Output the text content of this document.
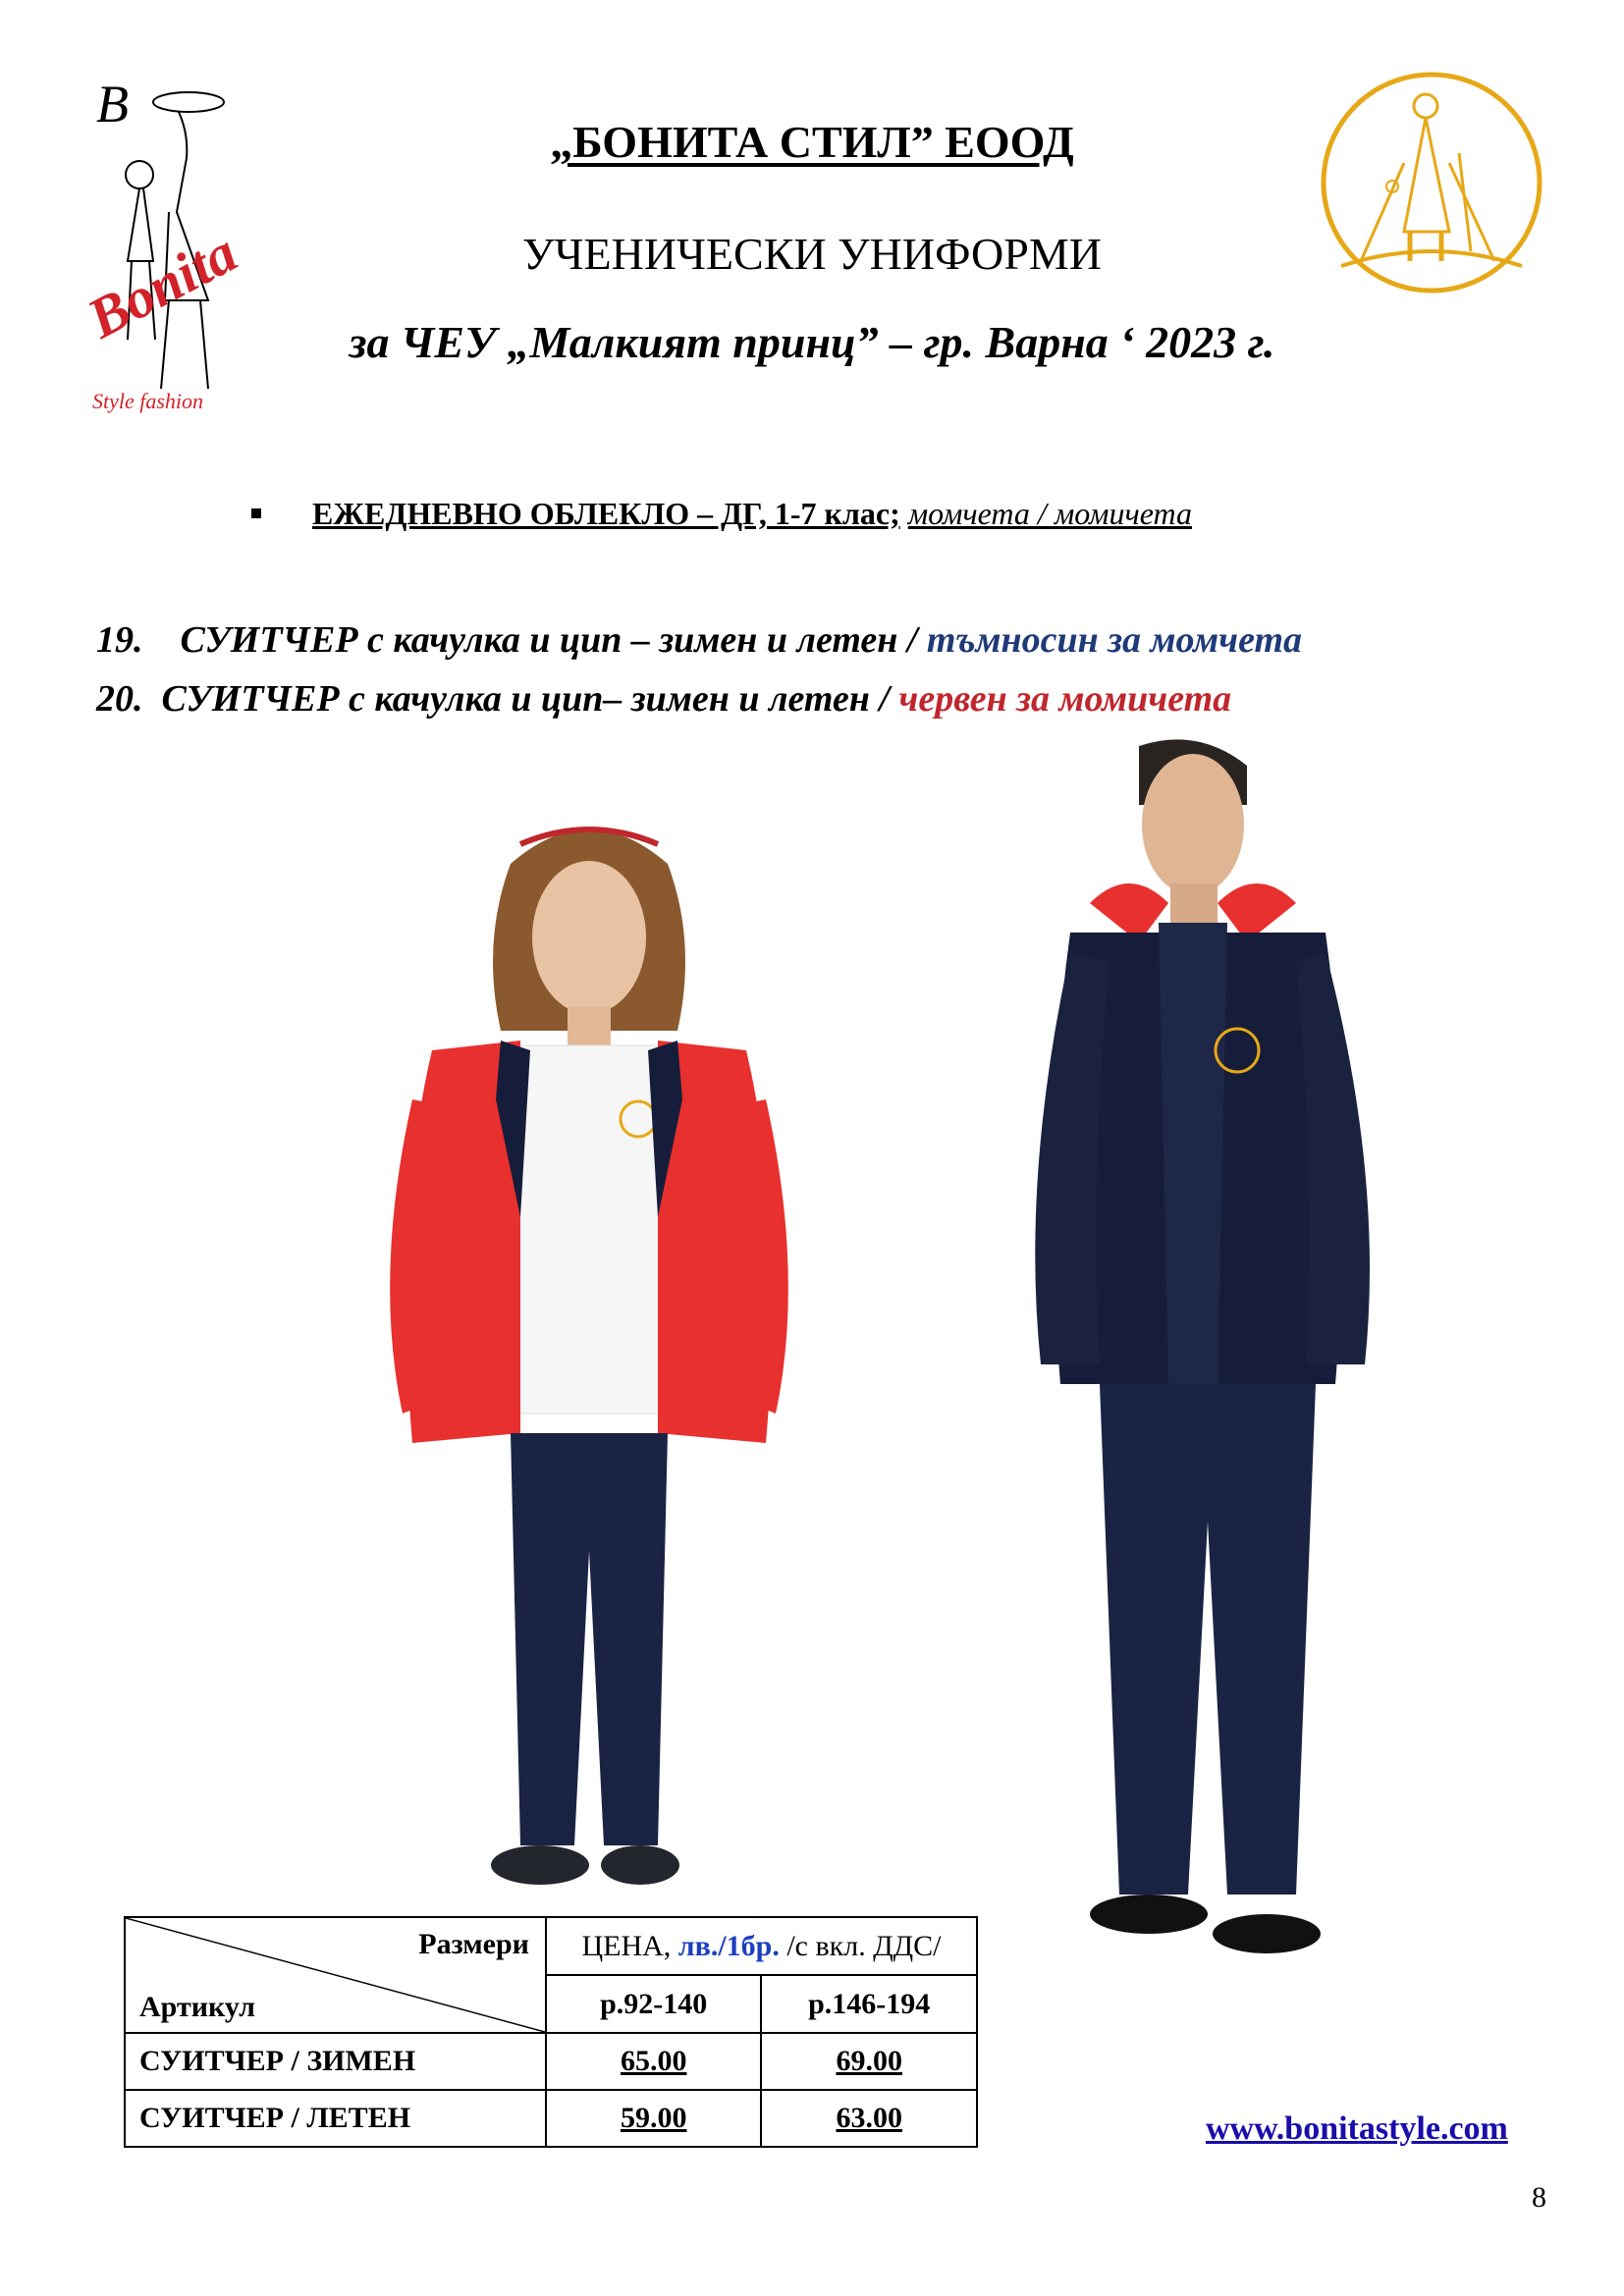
B
Bonita
Style fashion
„БОНИТА СТИЛ” ЕООД
УЧЕНИЧЕСКИ УНИФОРМИ
за ЧЕУ „Малкият принц” – гр. Варна ‘ 2023 г.
ЕЖЕДНЕВНО ОБЛЕКЛО – ДГ, 1-7 клас; момчета / момичета
19. СУИТЧЕР с качулка и цип – зимен и летен / тъмносин за момчета
20. СУИТЧЕР с качулка и цип– зимен и летен / червен за момичета
Размери
Артикул	ЦЕНА, лв./1бр. /с вкл. ДДС/	
	р.92-140	р.146-194
СУИТЧЕР / ЗИМЕН	65.00	69.00
СУИТЧЕР / ЛЕТЕН	59.00	63.00	www.bonitastyle.com
8
